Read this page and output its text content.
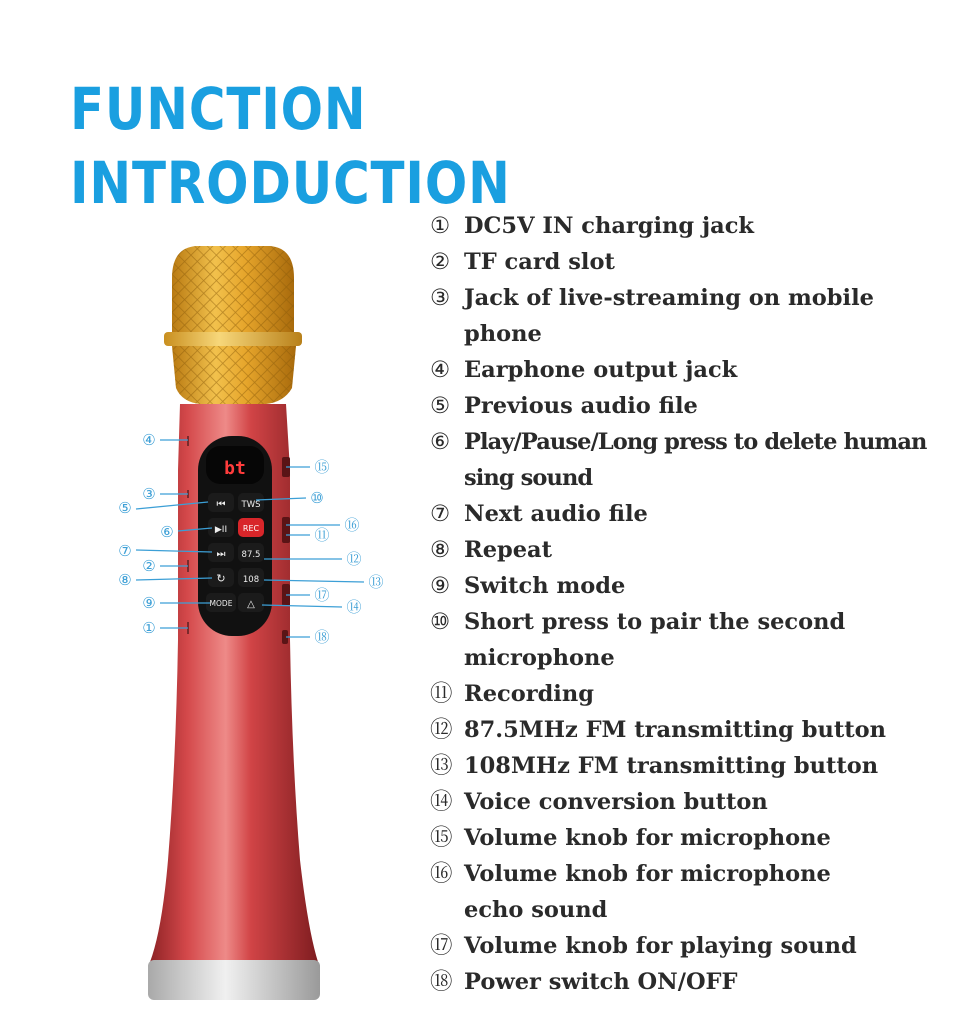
FUNCTION
INTRODUCTION
bt
⏮
▶II
⏭
↻
MODE
TWS
REC
87.5
108
△
④
③
⑤
⑥
⑦
②
⑧
⑨
①
⑮
⑩
⑯
⑪
⑫
⑬
⑰
⑭
⑱
① DC5V IN charging jack
② TF card slot
③ Jack of live-streaming on mobile
phone
④ Earphone output jack
⑤ Previous audio file
⑥ Play/Pause/Long press to delete human
sing sound
⑦ Next audio file
⑧ Repeat
⑨ Switch mode
⑩ Short press to pair the second
microphone
⑪ Recording
⑫ 87.5MHz FM transmitting button
⑬ 108MHz FM transmitting button
⑭ Voice conversion button
⑮ Volume knob for microphone
⑯ Volume knob for microphone
echo sound
⑰ Volume knob for playing sound
⑱ Power switch ON/OFF
